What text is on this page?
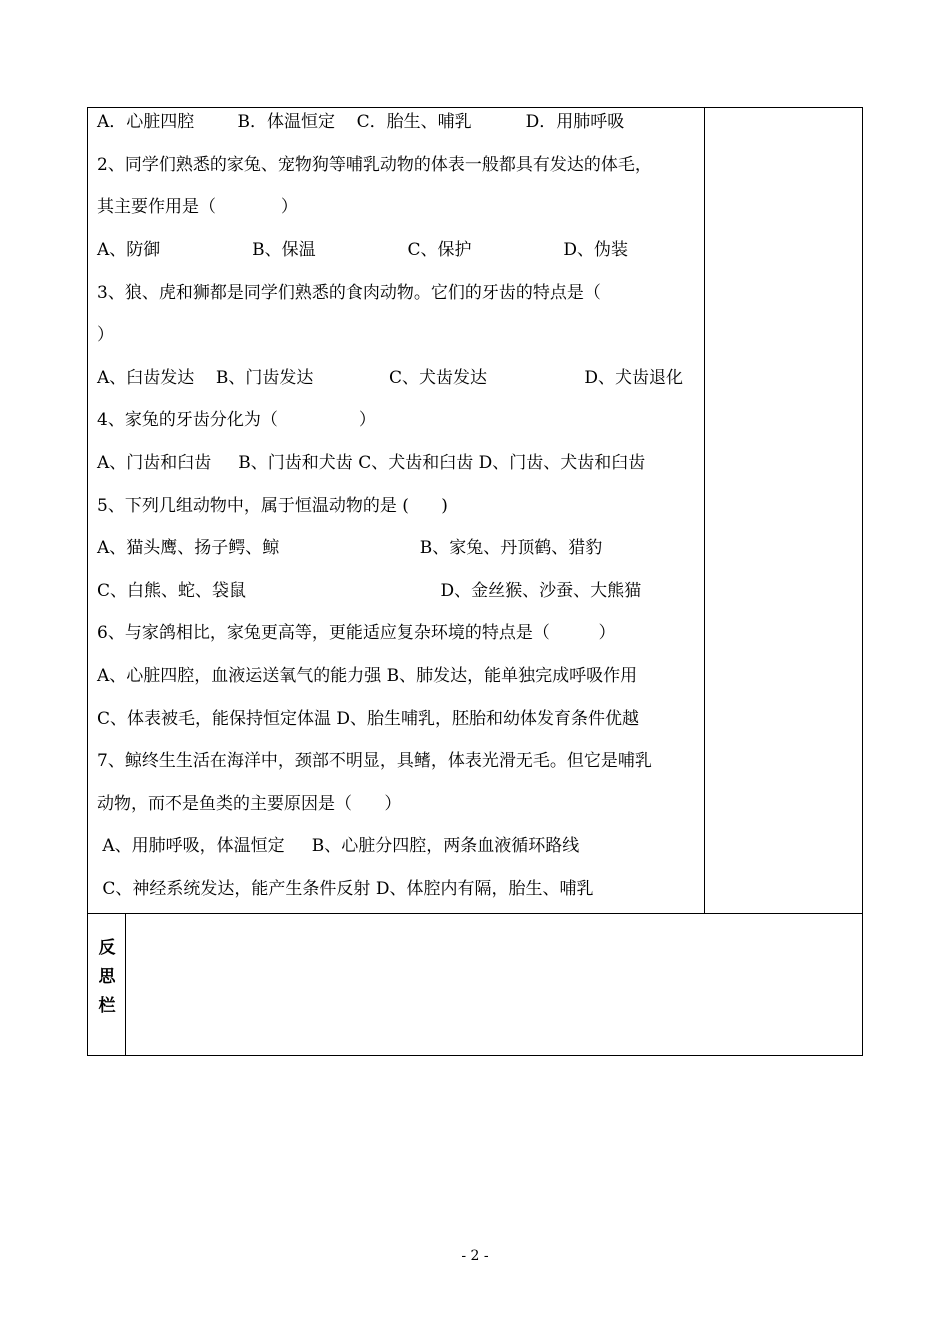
A．心脏四腔        B．体温恒定    C．胎生、哺乳          D．用肺呼吸
2、同学们熟悉的家兔、宠物狗等哺乳动物的体表一般都具有发达的体毛，
其主要作用是（            ）
A、防御                 B、保温                 C、保护                 D、伪装
3、狼、虎和狮都是同学们熟悉的食肉动物。它们的牙齿的特点是（
）
A、臼齿发达    B、门齿发达              C、犬齿发达                  D、犬齿退化
4、家兔的牙齿分化为（               ）
A、门齿和臼齿     B、门齿和犬齿 C、犬齿和臼齿 D、门齿、犬齿和臼齿
5、下列几组动物中，属于恒温动物的是 (      )
A、猫头鹰、扬子鳄、鲸                          B、家兔、丹顶鹤、猎豹
C、白熊、蛇、袋鼠                                    D、金丝猴、沙蚕、大熊猫
6、与家鸽相比，家兔更高等，更能适应复杂环境的特点是（         ）
A、心脏四腔，血液运送氧气的能力强 B、肺发达，能单独完成呼吸作用
C、体表被毛，能保持恒定体温 D、胎生哺乳，胚胎和幼体发育条件优越
7、鲸终生生活在海洋中，颈部不明显，具鳍，体表光滑无毛。但它是哺乳
动物，而不是鱼类的主要原因是（      ）
A、用肺呼吸，体温恒定     B、心脏分四腔，两条血液循环路线
C、神经系统发达，能产生条件反射 D、体腔内有隔，胎生、哺乳
反
思
栏
- 2 -
